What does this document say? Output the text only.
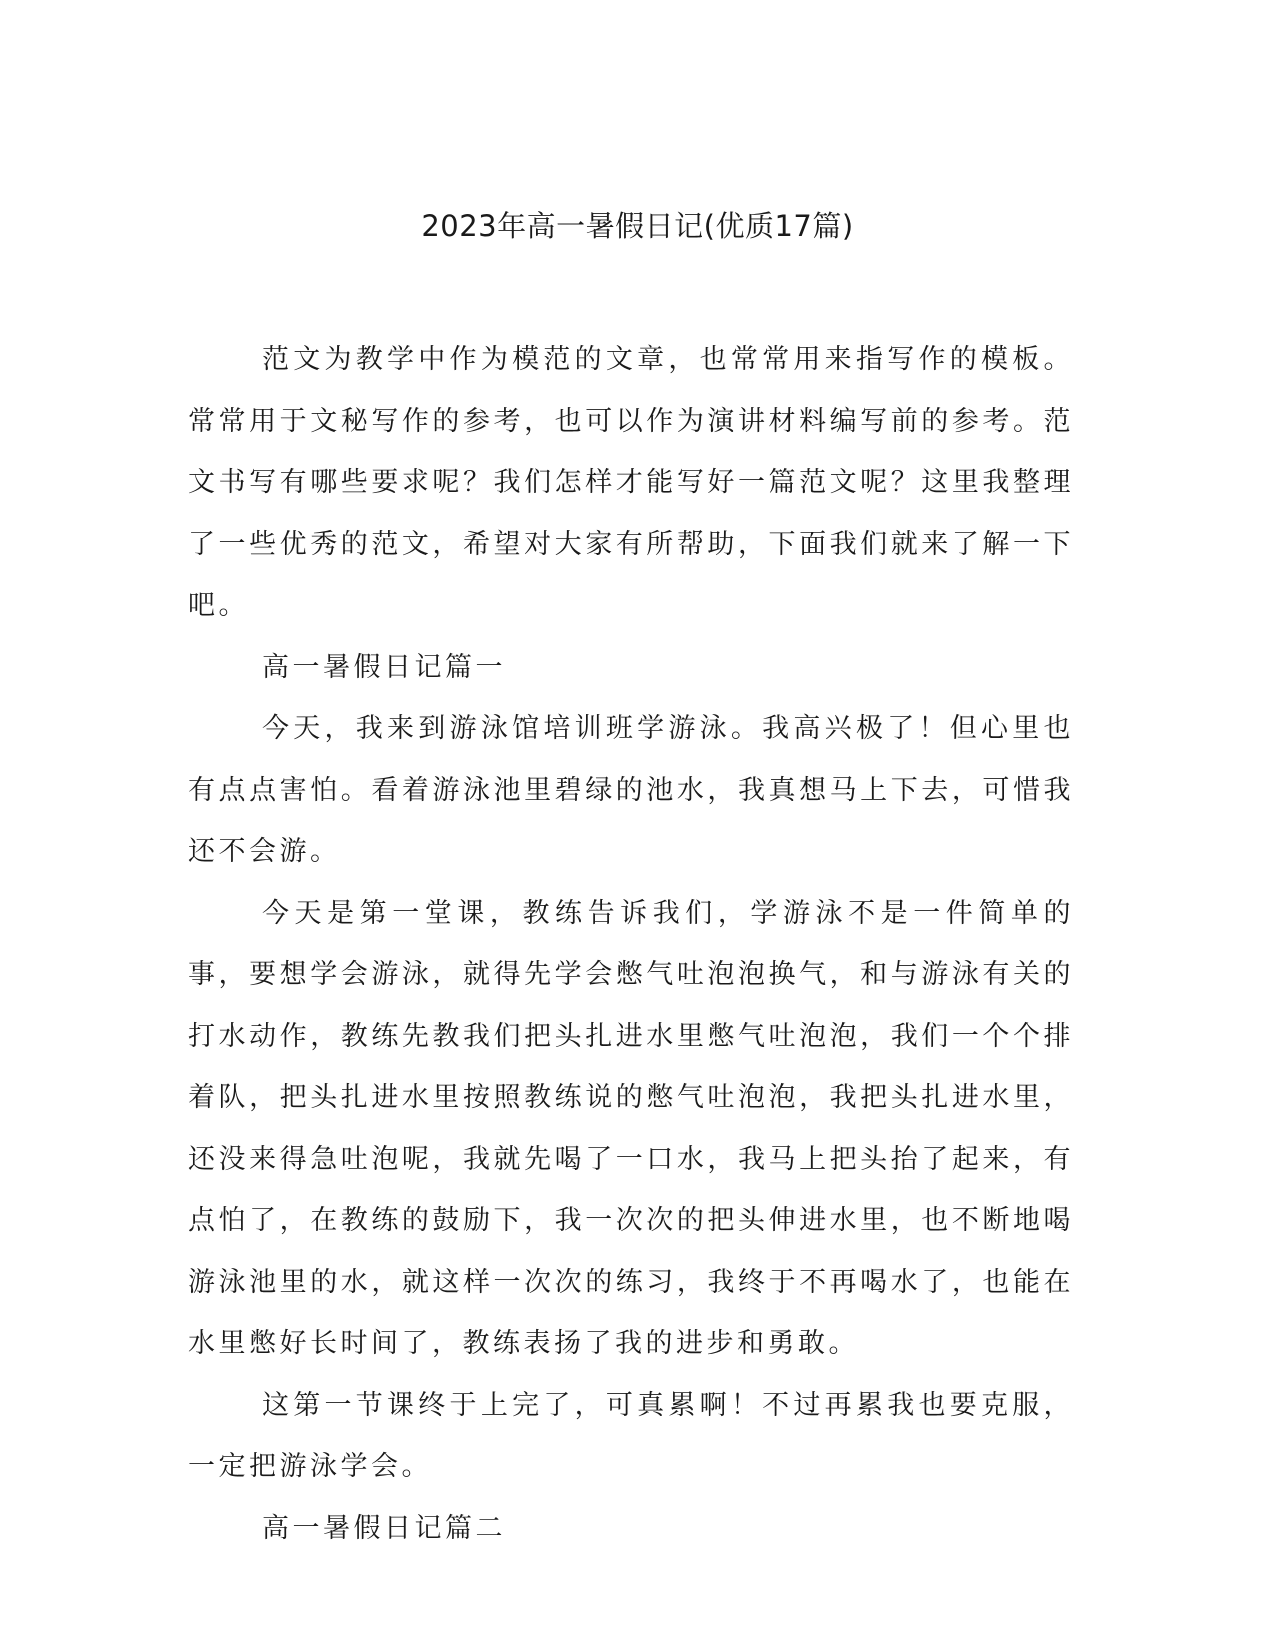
2023年高一暑假日记(优质17篇)

范文为教学中作为模范的文章，也常常用来指写作的模板。常常用于文秘写作的参考，也可以作为演讲材料编写前的参考。范文书写有哪些要求呢？我们怎样才能写好一篇范文呢？这里我整理了一些优秀的范文，希望对大家有所帮助，下面我们就来了解一下吧。

高一暑假日记篇一

今天，我来到游泳馆培训班学游泳。我高兴极了！但心里也有点点害怕。看着游泳池里碧绿的池水，我真想马上下去，可惜我还不会游。

今天是第一堂课，教练告诉我们，学游泳不是一件简单的事，要想学会游泳，就得先学会憋气吐泡泡换气，和与游泳有关的打水动作，教练先教我们把头扎进水里憋气吐泡泡，我们一个个排着队，把头扎进水里按照教练说的憋气吐泡泡，我把头扎进水里，还没来得急吐泡呢，我就先喝了一口水，我马上把头抬了起来，有点怕了，在教练的鼓励下，我一次次的把头伸进水里，也不断地喝游泳池里的水，就这样一次次的练习，我终于不再喝水了，也能在水里憋好长时间了，教练表扬了我的进步和勇敢。

这第一节课终于上完了，可真累啊！不过再累我也要克服，一定把游泳学会。

高一暑假日记篇二
